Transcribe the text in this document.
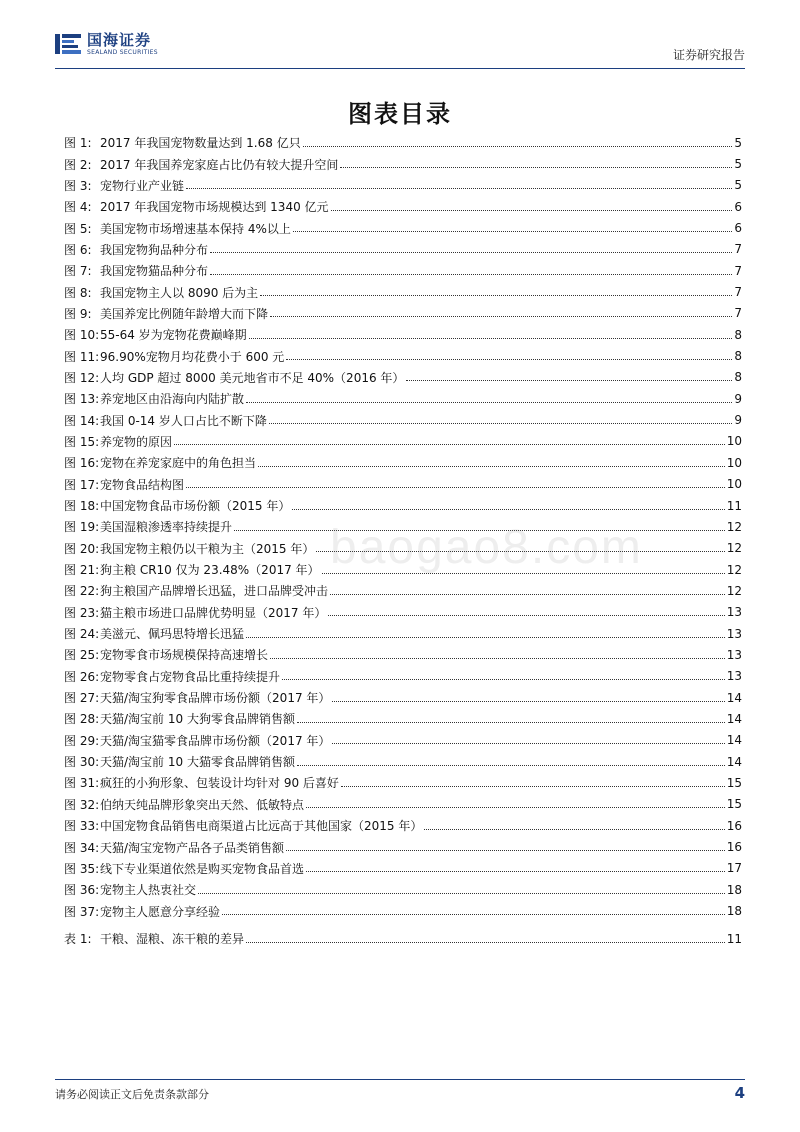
国海证券
SEALAND SECURITIES	证券研究报告
图表目录
图 1: 2017 年我国宠物数量达到 1.68 亿只	5
图 2: 2017 年我国养宠家庭占比仍有较大提升空间	5
图 3: 宠物行业产业链	5
图 4: 2017 年我国宠物市场规模达到 1340 亿元	6
图 5: 美国宠物市场增速基本保持 4%以上	6
图 6: 我国宠物狗品种分布	7
图 7: 我国宠物猫品种分布	7
图 8: 我国宠物主人以 8090 后为主	7
图 9: 美国养宠比例随年龄增大而下降	7
图 10: 55-64 岁为宠物花费巅峰期	8
图 11: 96.90%宠物月均花费小于 600 元	8
图 12: 人均 GDP 超过 8000 美元地省市不足 40%（2016 年）	8
图 13: 养宠地区由沿海向内陆扩散	9
图 14: 我国 0-14 岁人口占比不断下降	9
图 15: 养宠物的原因	10
图 16: 宠物在养宠家庭中的角色担当	10
图 17: 宠物食品结构图	10
图 18: 中国宠物食品市场份额（2015 年）	11
图 19: 美国湿粮渗透率持续提升	12
图 20: 我国宠物主粮仍以干粮为主（2015 年）	12
图 21: 狗主粮 CR10 仅为 23.48%（2017 年）	12
图 22: 狗主粮国产品牌增长迅猛，进口品牌受冲击	12
图 23: 猫主粮市场进口品牌优势明显（2017 年）	13
图 24: 美滋元、佩玛思特增长迅猛	13
图 25: 宠物零食市场规模保持高速增长	13
图 26: 宠物零食占宠物食品比重持续提升	13
图 27: 天猫/淘宝狗零食品牌市场份额（2017 年）	14
图 28: 天猫/淘宝前 10 大狗零食品牌销售额	14
图 29: 天猫/淘宝猫零食品牌市场份额（2017 年）	14
图 30: 天猫/淘宝前 10 大猫零食品牌销售额	14
图 31: 疯狂的小狗形象、包装设计均针对 90 后喜好	15
图 32: 伯纳天纯品牌形象突出天然、低敏特点	15
图 33: 中国宠物食品销售电商渠道占比远高于其他国家（2015 年）	16
图 34: 天猫/淘宝宠物产品各子品类销售额	16
图 35: 线下专业渠道依然是购买宠物食品首选	17
图 36: 宠物主人热衷社交	18
图 37: 宠物主人愿意分享经验	18
表 1: 干粮、湿粮、冻干粮的差异	11
baogao8.com
请务必阅读正文后免责条款部分	4
